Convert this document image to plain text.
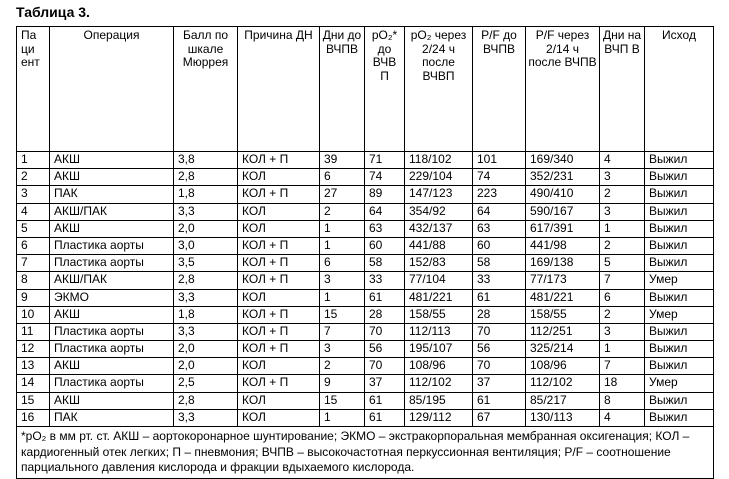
Таблица 3.
Па ци ент	Операция	Балл по шкале Мюррея	Причина ДН	Дни до ВЧПВ	pO₂* до ВЧВ П	pO₂ через 2/24 ч после ВЧВП	P/F до ВЧПВ	P/F через 2/14 ч после ВЧПВ	Дни на ВЧП В	Исход
1	АКШ	3,8	КОЛ + П	39	71	118/102	101	169/340	4	Выжил
2	АКШ	2,8	КОЛ	6	74	229/104	74	352/231	3	Выжил
3	ПАК	1,8	КОЛ + П	27	89	147/123	223	490/410	2	Выжил
4	АКШ/ПАК	3,3	КОЛ	2	64	354/92	64	590/167	3	Выжил
5	АКШ	2,0	КОЛ	1	63	432/137	63	617/391	1	Выжил
6	Пластика аорты	3,0	КОЛ + П	1	60	441/88	60	441/98	2	Выжил
7	Пластика аорты	3,5	КОЛ + П	6	58	152/83	58	169/138	5	Выжил
8	АКШ/ПАК	2,8	КОЛ + П	3	33	77/104	33	77/173	7	Умер
9	ЭКМО	3,3	КОЛ	1	61	481/221	61	481/221	6	Выжил
10	АКШ	1,8	КОЛ + П	15	28	158/55	28	158/55	2	Умер
11	Пластика аорты	3,3	КОЛ + П	7	70	112/113	70	112/251	3	Выжил
12	Пластика аорты	2,0	КОЛ + П	3	56	195/107	56	325/214	1	Выжил
13	АКШ	2,0	КОЛ	2	70	108/96	70	108/96	7	Выжил
14	Пластика аорты	2,5	КОЛ + П	9	37	112/102	37	112/102	18	Умер
15	АКШ	2,8	КОЛ	15	61	85/195	61	85/217	8	Выжил
16	ПАК	3,3	КОЛ	1	61	129/112	67	130/113	4	Выжил
*pO₂ в мм рт. ст. АКШ – аортокоронарное шунтирование; ЭКМО – экстракорпоральная мембранная оксигенация; КОЛ – кардиогенный отек легких; П – пневмония; ВЧПВ – высокочастотная перкуссионная вентиляция; P/F – соотношение парциального давления кислорода и фракции вдыхаемого кислорода.										
